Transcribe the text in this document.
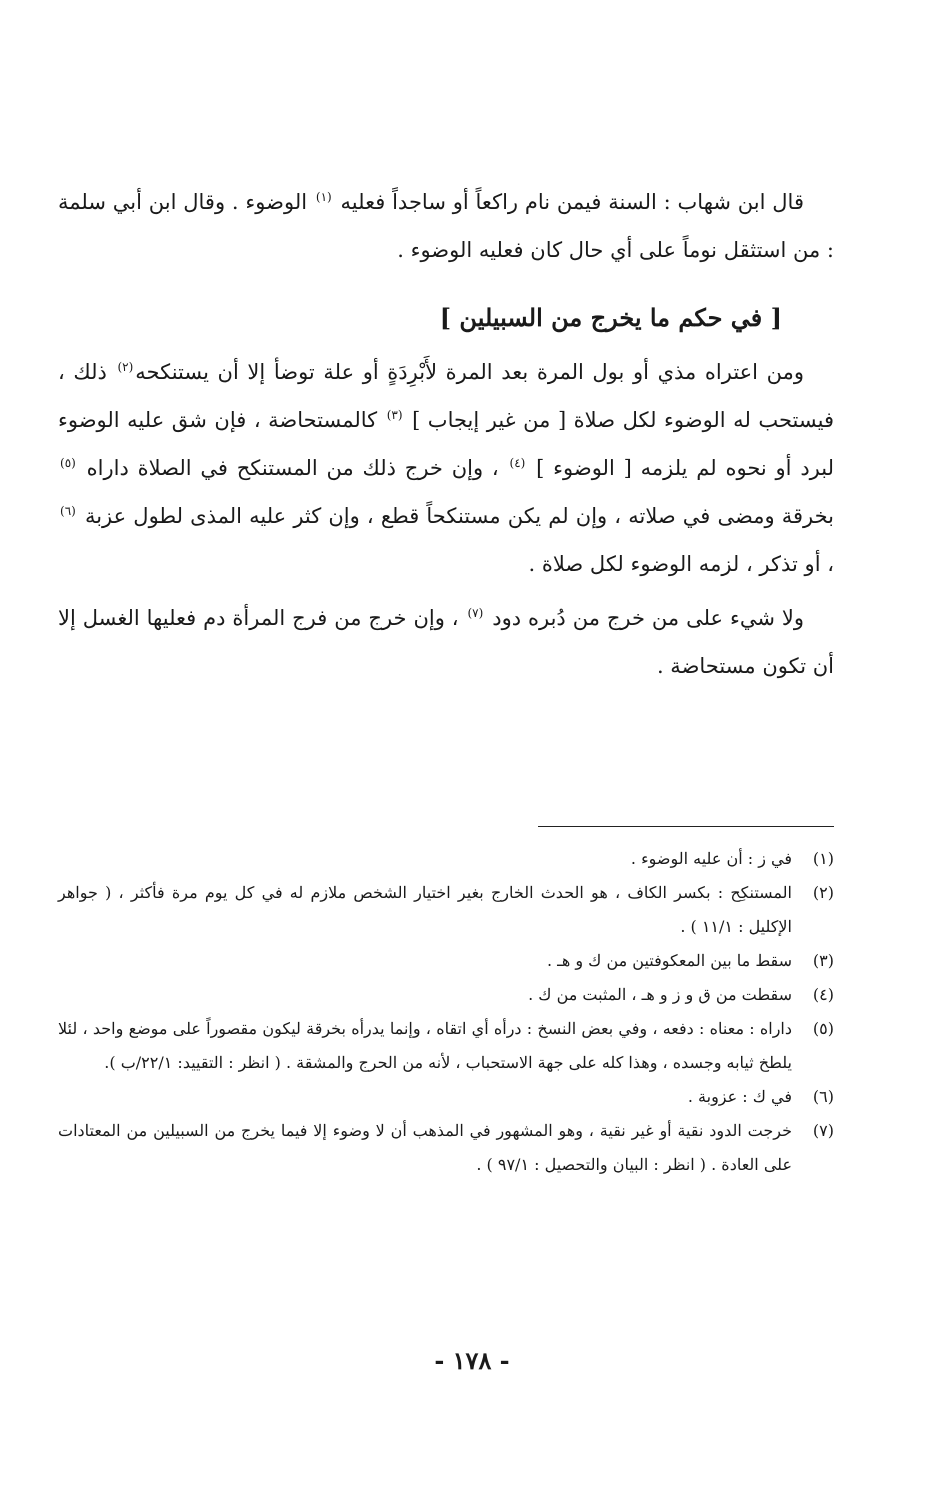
قال ابن شهاب : السنة فيمن نام راكعاً أو ساجداً فعليه $^{(١)}$ الوضوء . وقال ابن أبي سلمة : من استثقل نوماً على أي حال كان فعليه الوضوء .

[ في حكم ما يخرج من السبيلين ]

ومن اعتراه مذي أو بول المرة بعد المرة لأَبْرِدَةٍ أو علة توضأ إلا أن يستنكحه$^{(٢)}$ ذلك ، فيستحب له الوضوء لكل صلاة [ من غير إيجاب ] $^{(٣)}$ كالمستحاضة ، فإن شق عليه الوضوء لبرد أو نحوه لم يلزمه [ الوضوء ] $^{(٤)}$ ، وإن خرج ذلك من المستنكح في الصلاة داراه $^{(٥)}$ بخرقة ومضى في صلاته ، وإن لم يكن مستنكحاً قطع ، وإن كثر عليه المذى لطول عزبة $^{(٦)}$ ، أو تذكر ، لزمه الوضوء لكل صلاة .

ولا شيء على من خرج من دُبره دود $^{(٧)}$ ، وإن خرج من فرج المرأة دم فعليها الغسل إلا أن تكون مستحاضة .

(١)
في ز : أن عليه الوضوء .
(٢)
المستنكِح : بكسر الكاف ، هو الحدث الخارج بغير اختيار الشخص ملازم له في كل يوم مرة فأكثر ، ( جواهر الإكليل : ١١/١ ) .
(٣)
سقط ما بين المعكوفتين من ك و هـ .
(٤)
سقطت من ق و ز و هـ ، المثبت من ك .
(٥)
داراه : معناه : دفعه ، وفي بعض النسخ : درأه أي اتقاه ، وإنما يدرأه بخرقة ليكون مقصوراً على موضع واحد ، لئلا يلطخ ثيابه وجسده ، وهذا كله على جهة الاستحباب ، لأنه من الحرج والمشقة . ( انظر : التقييد: ٢٢/١/ب ).
(٦)
في ك : عزوبة .
(٧)
خرجت الدود نقية أو غير نقية ، وهو المشهور في المذهب أن لا وضوء إلا فيما يخرج من السبيلين من المعتادات على العادة . ( انظر : البيان والتحصيل : ٩٧/١ ) .
- ١٧٨ -
